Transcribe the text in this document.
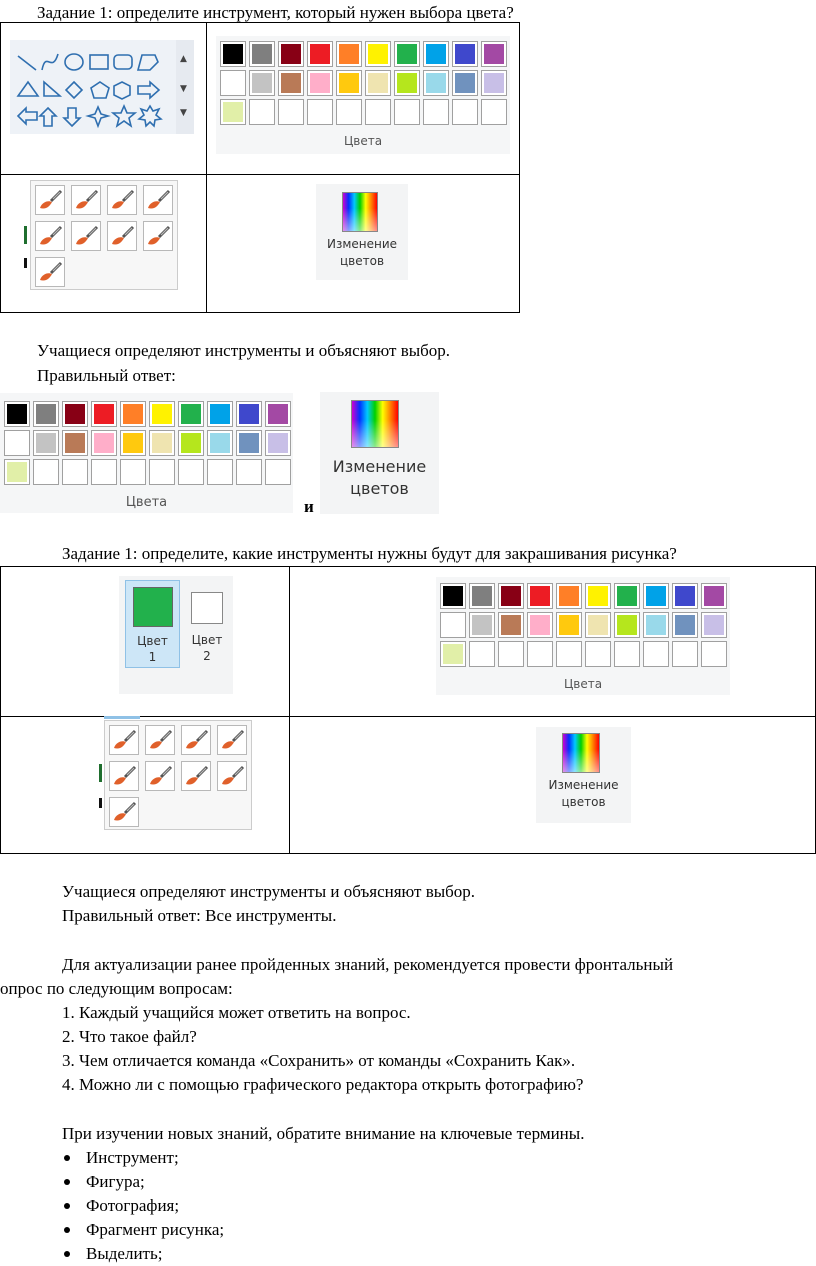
Задание 1: определите инструмент, который нужен выбора цвета?
▲
▼
▼
Цвета
Изменение
цветов
Учащиеся определяют инструменты и объясняют выбор.
Правильный ответ:
Цвета	и
Изменение
цветов
Задание 1: определите, какие инструменты нужны будут для закрашивания рисунка?
Цвет
1
Цвет
2
Цвета
Изменение
цветов
Учащиеся определяют инструменты и объясняют выбор.
Правильный ответ: Все инструменты.
Для актуализации ранее пройденных знаний, рекомендуется провести фронтальный
опрос по следующим вопросам:
1. Каждый учащийся может ответить на вопрос.
2. Что такое файл?
3. Чем отличается команда «Сохранить» от команды «Сохранить Как».
4. Можно ли с помощью графического редактора открыть фотографию?
При изучении новых знаний, обратите внимание на ключевые термины.
Инструмент;
Фигура;
Фотография;
Фрагмент рисунка;
Выделить;
